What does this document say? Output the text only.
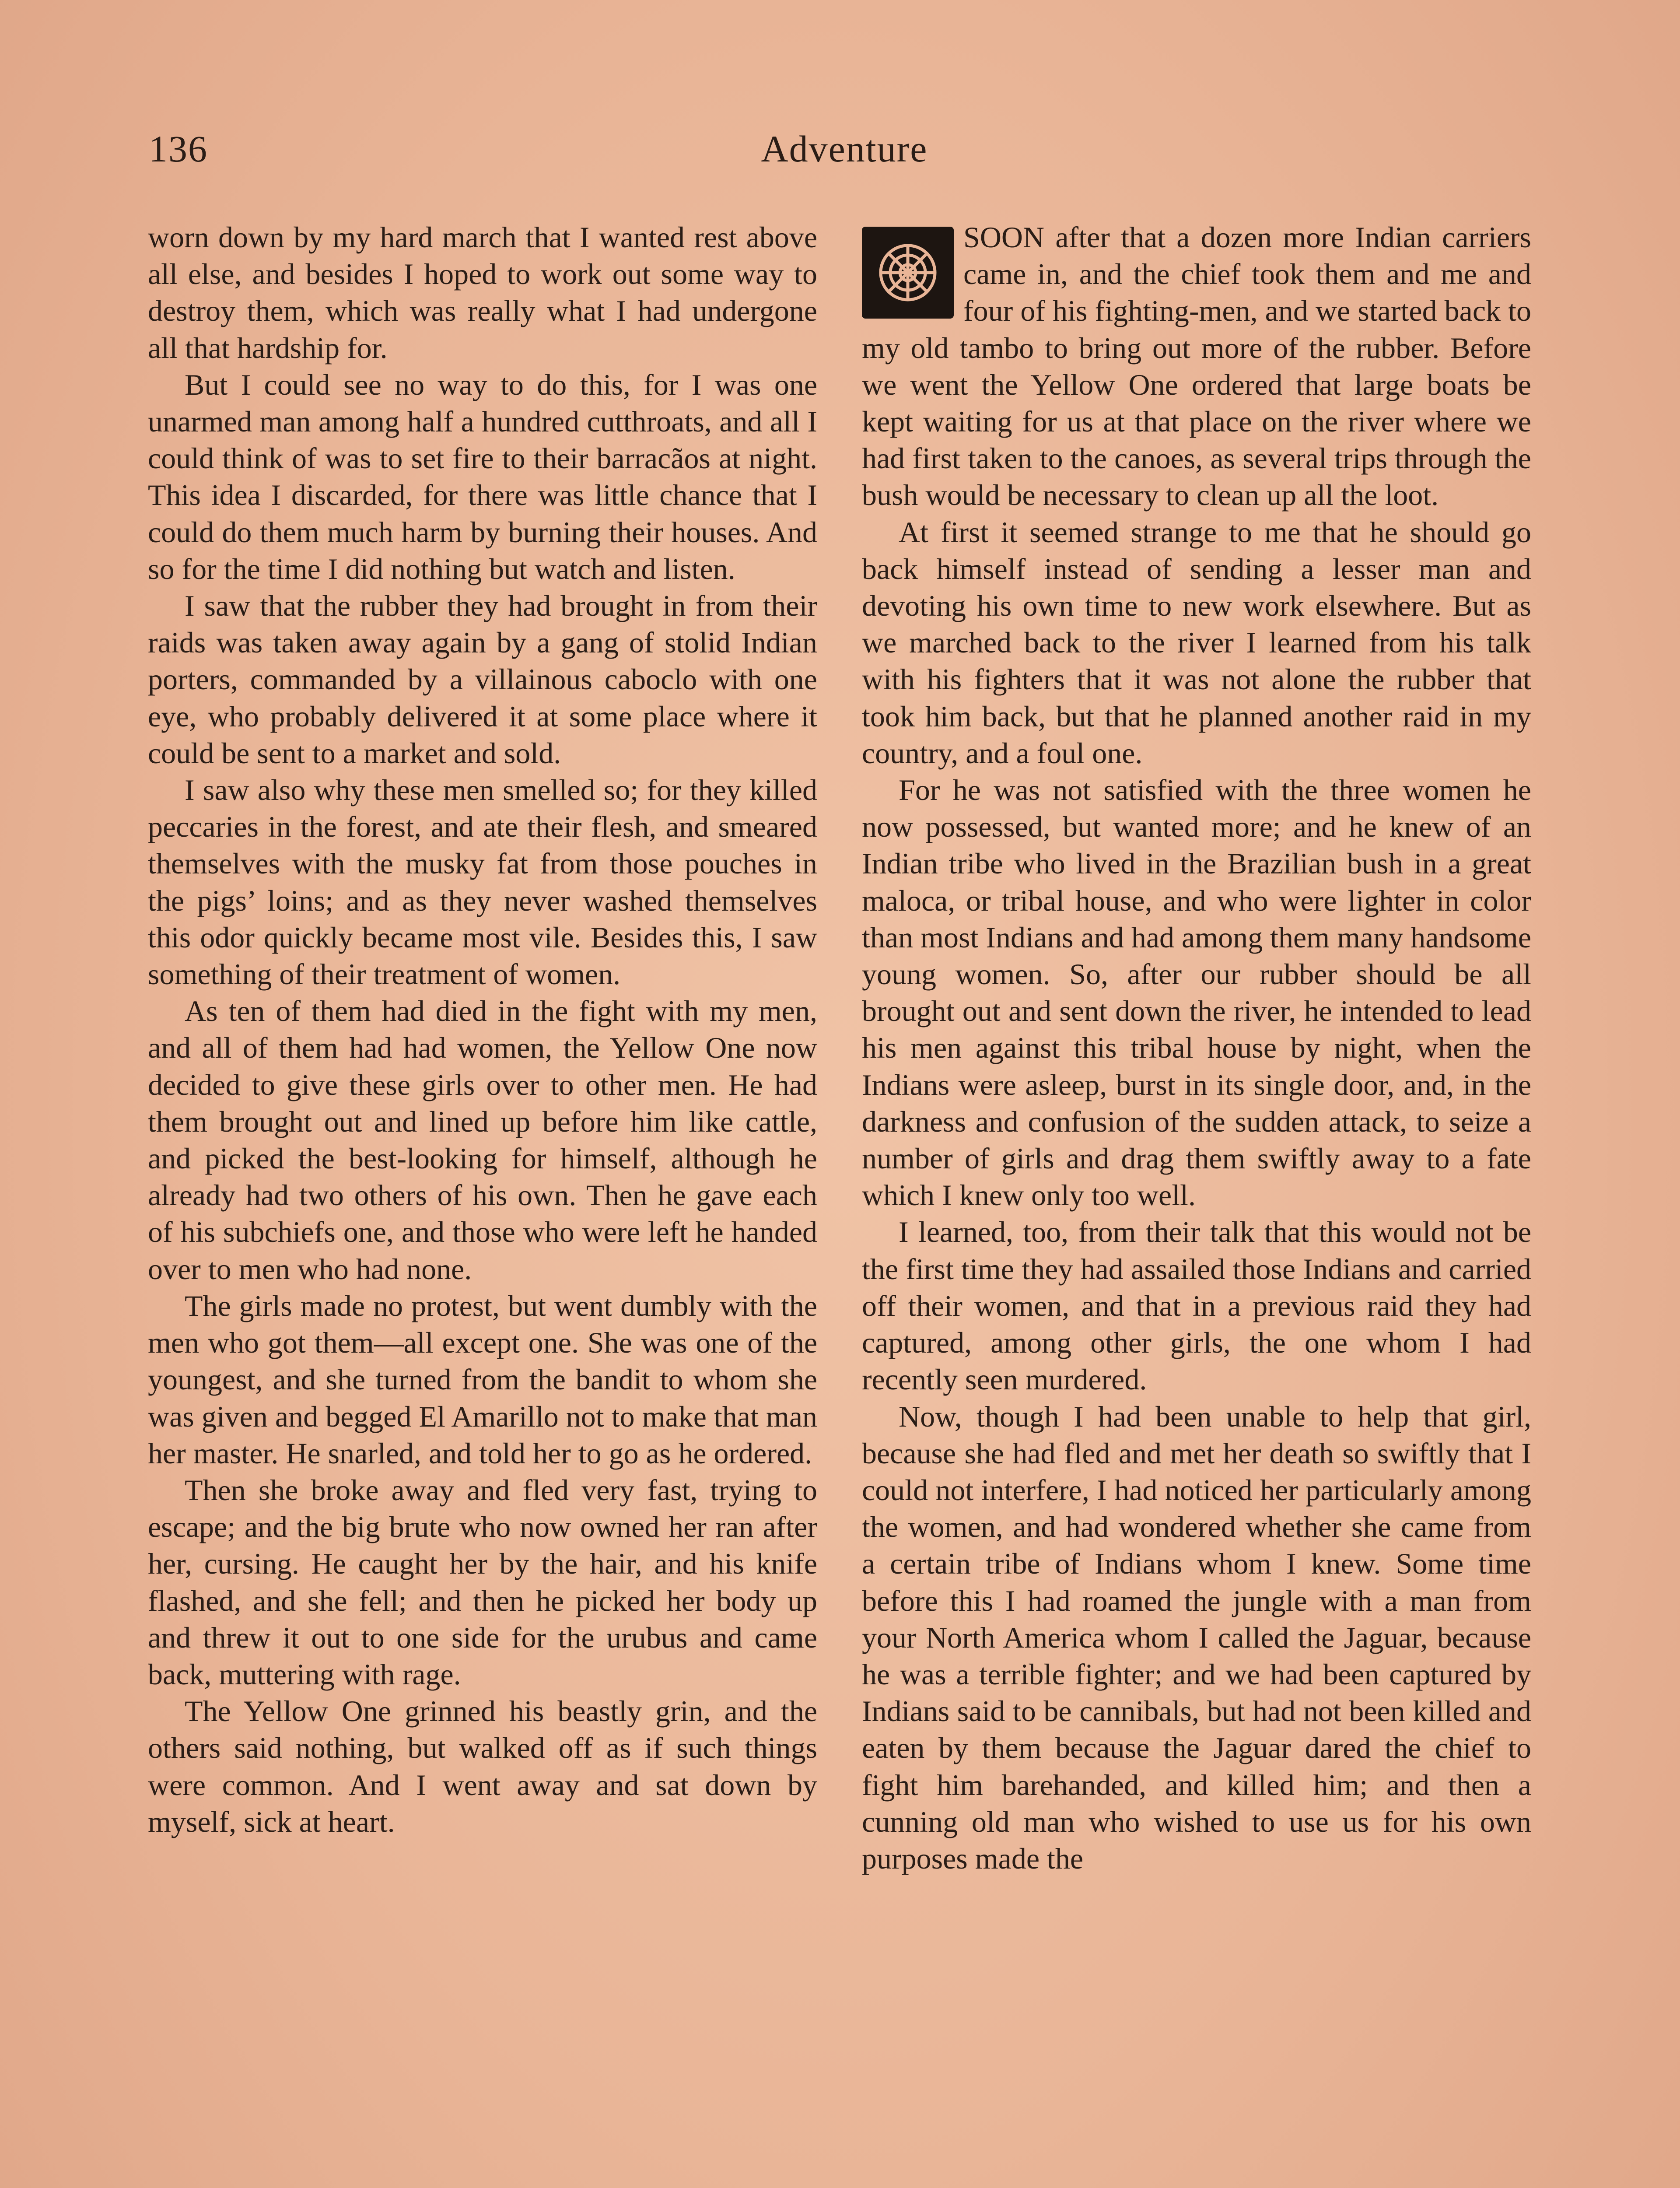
136	Adventure

worn down by my hard march that I wanted rest above all else, and besides I hoped to work out some way to destroy them, which was really what I had undergone all that hardship for.

But I could see no way to do this, for I was one unarmed man among half a hundred cutthroats, and all I could think of was to set fire to their barracãos at night. This idea I discarded, for there was little chance that I could do them much harm by burning their houses. And so for the time I did nothing but watch and listen.

I saw that the rubber they had brought in from their raids was taken away again by a gang of stolid Indian porters, commanded by a villainous caboclo with one eye, who probably delivered it at some place where it could be sent to a market and sold.

I saw also why these men smelled so; for they killed peccaries in the forest, and ate their flesh, and smeared themselves with the musky fat from those pouches in the pigs’ loins; and as they never washed themselves this odor quickly became most vile. Besides this, I saw something of their treatment of women.

As ten of them had died in the fight with my men, and all of them had had women, the Yellow One now decided to give these girls over to other men. He had them brought out and lined up before him like cattle, and picked the best-looking for himself, although he already had two others of his own. Then he gave each of his subchiefs one, and those who were left he handed over to men who had none.

The girls made no protest, but went dumbly with the men who got them—all except one. She was one of the youngest, and she turned from the bandit to whom she was given and begged El Amarillo not to make that man her master. He snarled, and told her to go as he ordered.

Then she broke away and fled very fast, trying to escape; and the big brute who now owned her ran after her, cursing. He caught her by the hair, and his knife flashed, and she fell; and then he picked her body up and threw it out to one side for the urubus and came back, muttering with rage.

The Yellow One grinned his beastly grin, and the others said nothing, but walked off as if such things were common. And I went away and sat down by myself, sick at heart.

SOON after that a dozen more Indian carriers came in, and the chief took them and me and four of his fighting-men, and we started back to my old tambo to bring out more of the rubber. Before we went the Yellow One ordered that large boats be kept waiting for us at that place on the river where we had first taken to the canoes, as several trips through the bush would be necessary to clean up all the loot.

At first it seemed strange to me that he should go back himself instead of sending a lesser man and devoting his own time to new work elsewhere. But as we marched back to the river I learned from his talk with his fighters that it was not alone the rubber that took him back, but that he planned another raid in my country, and a foul one.

For he was not satisfied with the three women he now possessed, but wanted more; and he knew of an Indian tribe who lived in the Brazilian bush in a great maloca, or tribal house, and who were lighter in color than most Indians and had among them many handsome young women. So, after our rubber should be all brought out and sent down the river, he intended to lead his men against this tribal house by night, when the Indians were asleep, burst in its single door, and, in the darkness and confusion of the sudden attack, to seize a number of girls and drag them swiftly away to a fate which I knew only too well.

I learned, too, from their talk that this would not be the first time they had assailed those Indians and carried off their women, and that in a previous raid they had captured, among other girls, the one whom I had recently seen murdered.

Now, though I had been unable to help that girl, because she had fled and met her death so swiftly that I could not interfere, I had noticed her particularly among the women, and had wondered whether she came from a certain tribe of Indians whom I knew. Some time before this I had roamed the jungle with a man from your North America whom I called the Jaguar, because he was a terrible fighter; and we had been captured by Indians said to be cannibals, but had not been killed and eaten by them because the Jaguar dared the chief to fight him barehanded, and killed him; and then a cunning old man who wished to use us for his own purposes made the
